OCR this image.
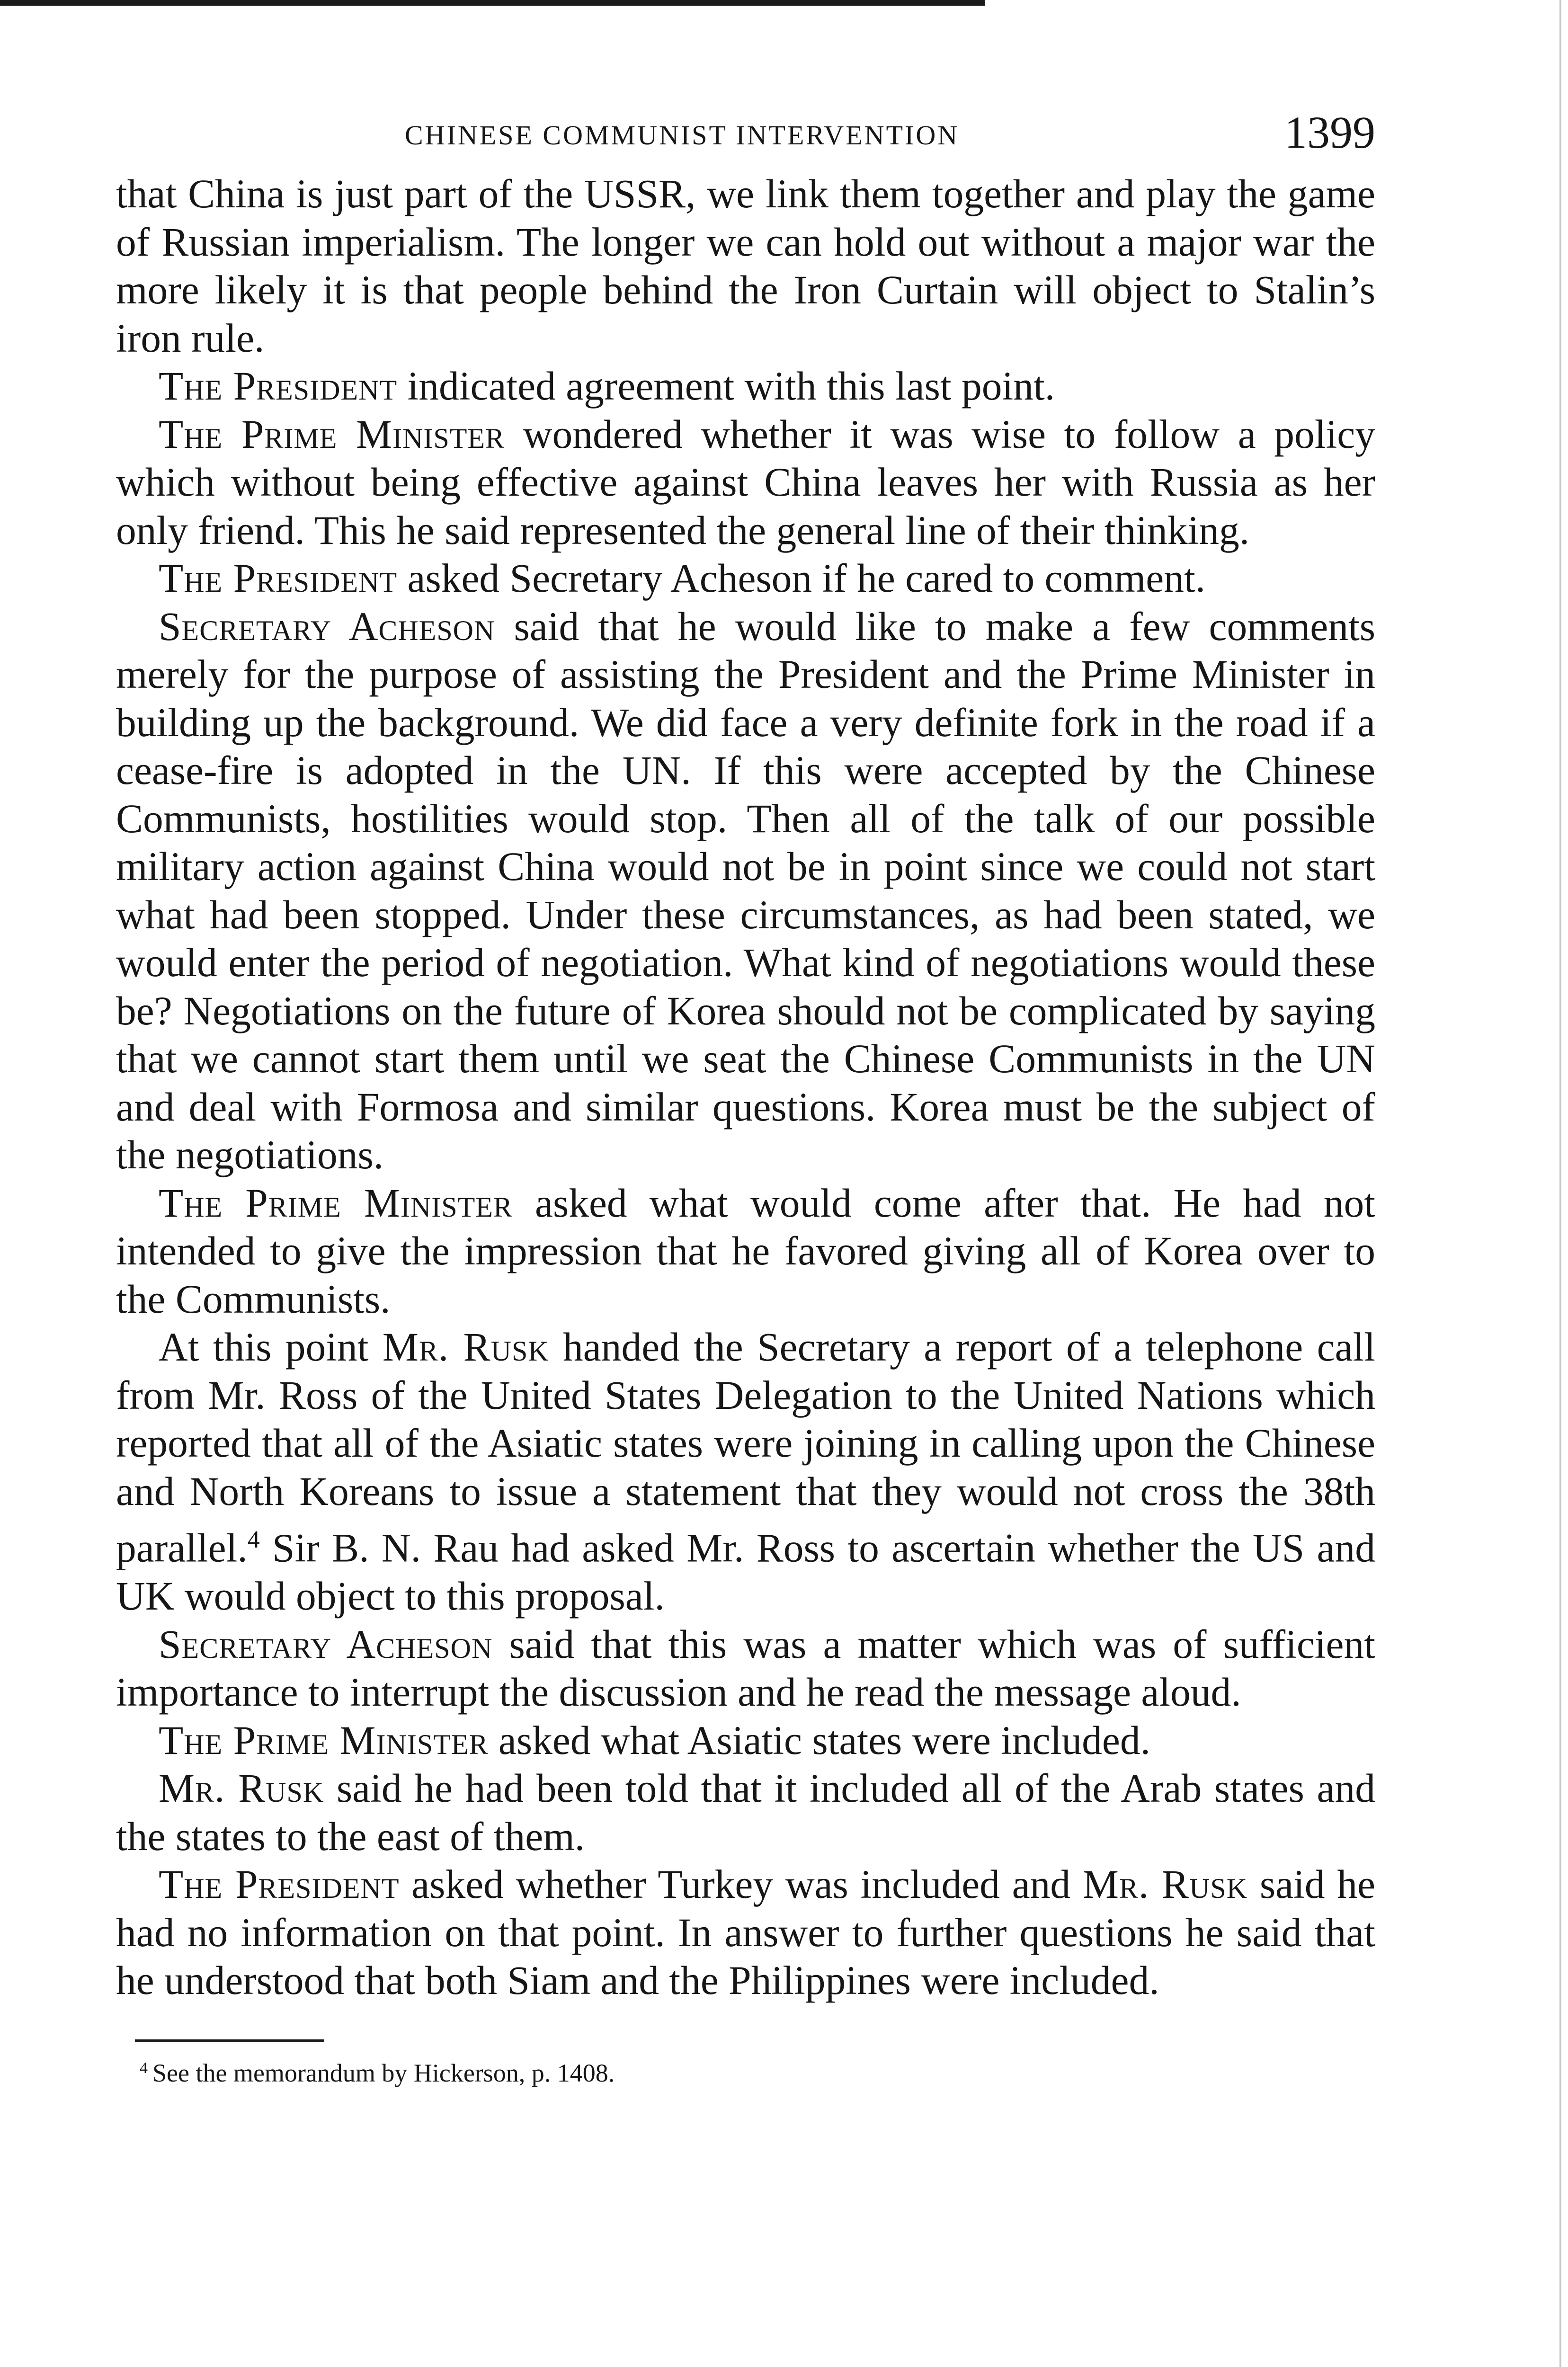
CHINESE COMMUNIST INTERVENTION	1399

that China is just part of the USSR, we link them together and play the game of Russian imperialism. The longer we can hold out without a major war the more likely it is that people behind the Iron Curtain will object to Stalin’s iron rule.

The President indicated agreement with this last point.

The Prime Minister wondered whether it was wise to follow a policy which without being effective against China leaves her with Russia as her only friend. This he said represented the general line of their thinking.

The President asked Secretary Acheson if he cared to comment.

Secretary Acheson said that he would like to make a few comments merely for the purpose of assisting the President and the Prime Minister in building up the background. We did face a very definite fork in the road if a cease-fire is adopted in the UN. If this were accepted by the Chinese Communists, hostilities would stop. Then all of the talk of our possible military action against China would not be in point since we could not start what had been stopped. Under these circumstances, as had been stated, we would enter the period of negotiation. What kind of negotiations would these be? Negotiations on the future of Korea should not be complicated by saying that we cannot start them until we seat the Chinese Communists in the UN and deal with Formosa and similar questions. Korea must be the subject of the negotiations.

The Prime Minister asked what would come after that. He had not intended to give the impression that he favored giving all of Korea over to the Communists.

At this point Mr. Rusk handed the Secretary a report of a telephone call from Mr. Ross of the United States Delegation to the United Nations which reported that all of the Asiatic states were joining in calling upon the Chinese and North Koreans to issue a statement that they would not cross the 38th parallel.$^4$ Sir B. N. Rau had asked Mr. Ross to ascertain whether the US and UK would object to this proposal.

Secretary Acheson said that this was a matter which was of sufficient importance to interrupt the discussion and he read the message aloud.

The Prime Minister asked what Asiatic states were included.

Mr. Rusk said he had been told that it included all of the Arab states and the states to the east of them.

The President asked whether Turkey was included and Mr. Rusk said he had no information on that point. In answer to further questions he said that he understood that both Siam and the Philippines were included.

$^4$ See the memorandum by Hickerson, p. 1408.
